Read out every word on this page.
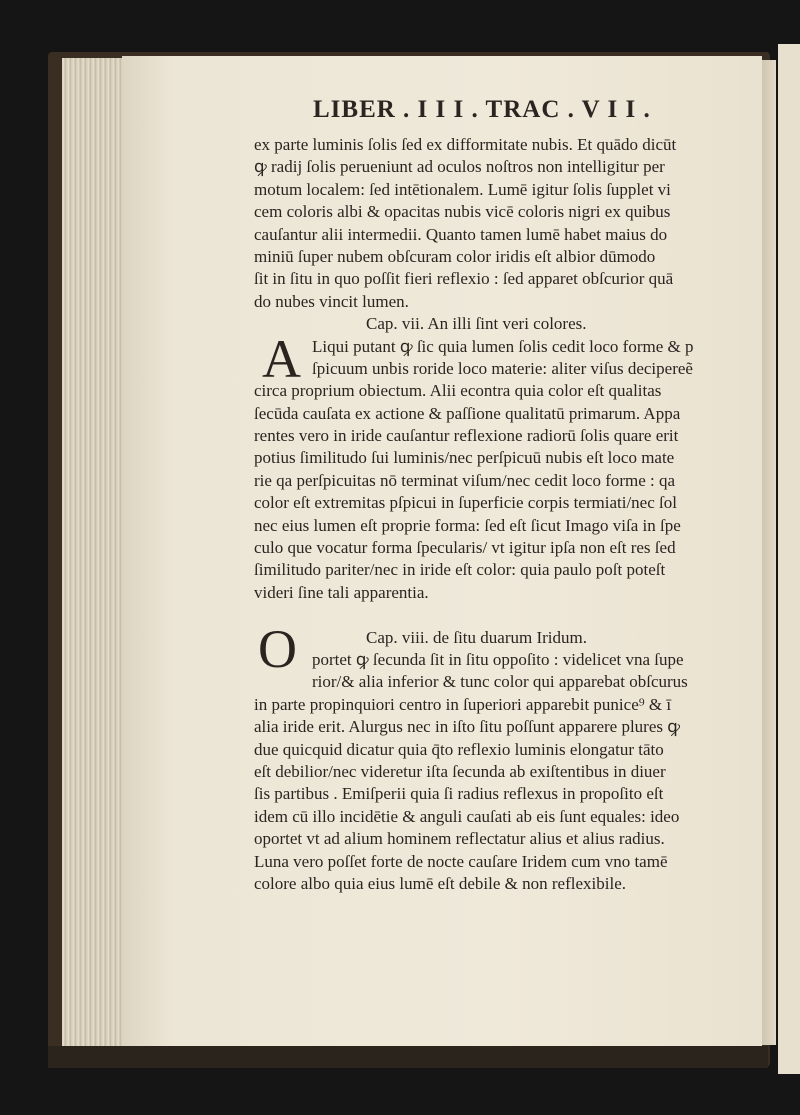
LIBER . I I I . TRAC . V I I .
ex parte luminis ſolis ſed ex difformitate nubis. Et quādo dicūt
ꝙ radij ſolis perueniunt ad oculos noſtros non intelligitur per
motum localem: ſed intētionalem. Lumē igitur ſolis ſupplet vi
cem coloris albi & opacitas nubis vicē coloris nigri ex quibus
cauſantur alii intermedii. Quanto tamen lumē habet maius do
miniū ſuper nubem obſcuram color iridis eſt albior dūmodo
ſit in ſitu in quo poſſit fieri reflexio : ſed apparet obſcurior quā
do nubes vincit lumen.
Cap. vii. An illi ſint veri colores.
Liqui putant ꝙ ſic quia lumen ſolis cedit loco forme & p
ſpicuum unbis roride loco materie: aliter viſus decipereẽ
circa proprium obiectum. Alii econtra quia color eſt qualitas
ſecūda cauſata ex actione & paſſione qualitatū primarum. Appa
rentes vero in iride cauſantur reflexione radiorū ſolis quare erit
potius ſimilitudo ſui luminis/nec perſpicuū nubis eſt loco mate
rie qa perſpicuitas nō terminat viſum/nec cedit loco forme : qa
color eſt extremitas pſpicui in ſuperficie corpis termiati/nec ſol
nec eius lumen eſt proprie forma: ſed eſt ſicut Imago viſa in ſpe
culo que vocatur forma ſpecularis/ vt igitur ipſa non eſt res ſed
ſimilitudo pariter/nec in iride eſt color: quia paulo poſt poteſt
videri ſine tali apparentia.
Cap. viii. de ſitu duarum Iridum.
portet ꝙ ſecunda ſit in ſitu oppoſito : videlicet vna ſupe
rior/& alia inferior & tunc color qui apparebat obſcurus
in parte propinquiori centro in ſuperiori apparebit punice⁹ & ī
alia iride erit. Alurgus nec in iſto ſitu poſſunt apparere plures ꝙ
due quicquid dicatur quia q̄to reflexio luminis elongatur tāto
eſt debilior/nec videretur iſta ſecunda ab exiſtentibus in diuer
ſis partibus . Emiſperii quia ſi radius reflexus in propoſito eſt
idem cū illo incidētie & anguli cauſati ab eis ſunt equales: ideo
oportet vt ad alium hominem reflectatur alius et alius radius.
Luna vero poſſet forte de nocte cauſare Iridem cum vno tamē
colore albo quia eius lumē eſt debile & non reflexibile.
A
O
